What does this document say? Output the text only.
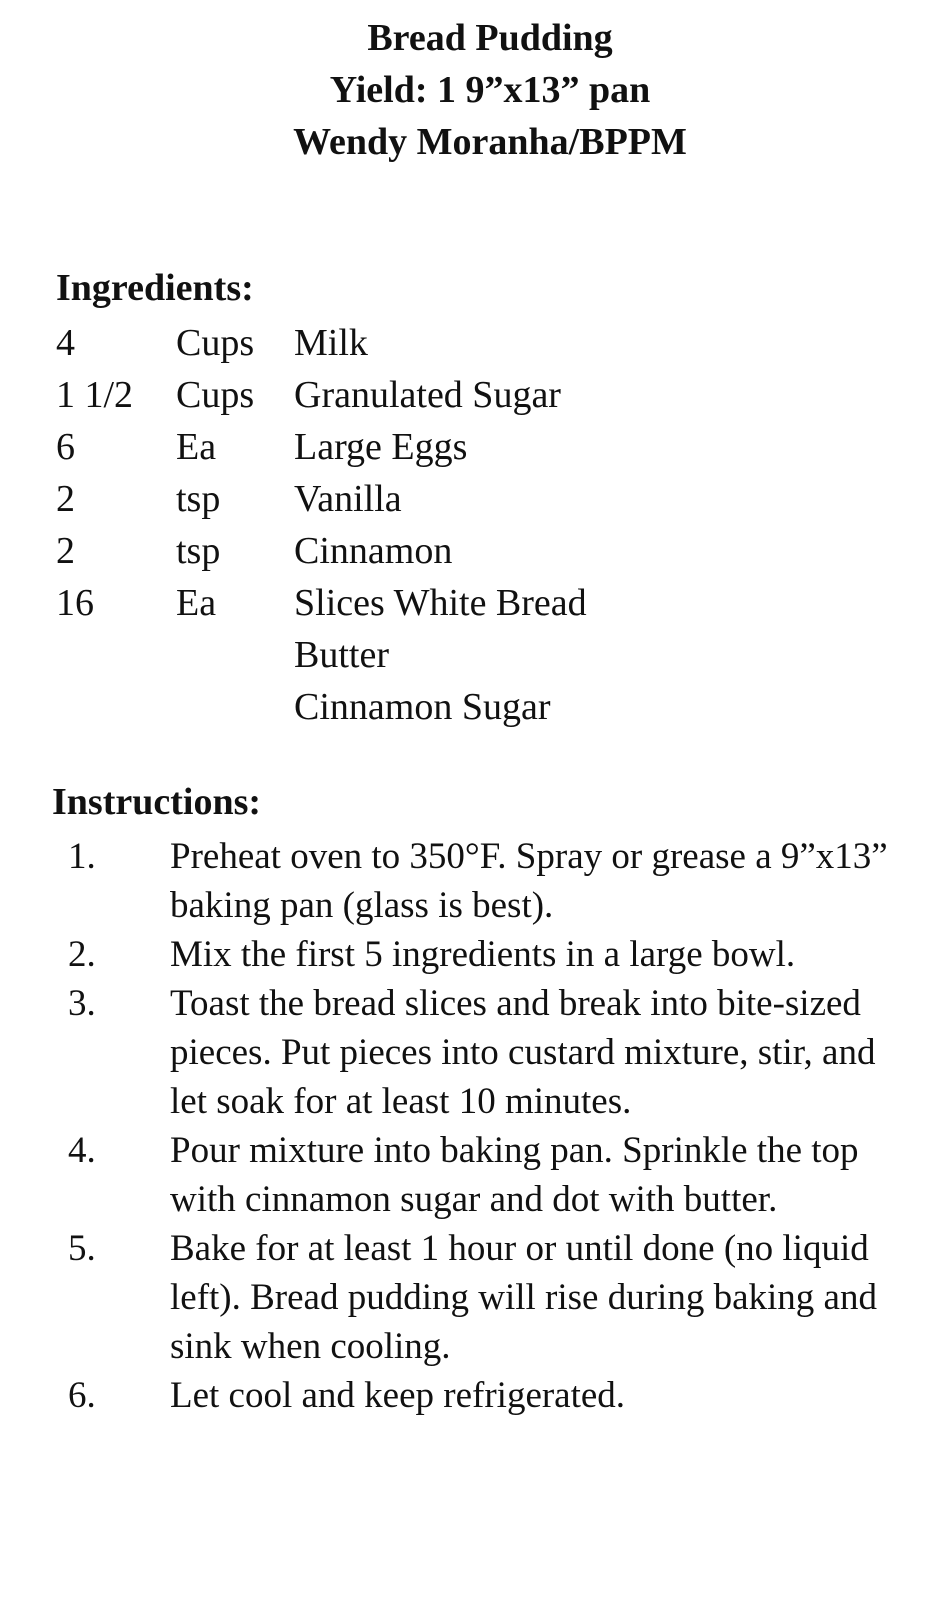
Bread Pudding
Yield: 1 9”x13” pan
Wendy Moranha/BPPM
Ingredients:
4	Cups Milk
1 1/2 Cups Granulated Sugar
6	Ea Large Eggs
2	tsp Vanilla
2	tsp Cinnamon
16 Ea Slices White Bread
Butter
Cinnamon Sugar
Instructions:
1. Preheat oven to 350°F. Spray or grease a 9”x13” baking pan (glass is best).
2. Mix the first 5 ingredients in a large bowl.
3. Toast the bread slices and break into bite-sized pieces. Put pieces into custard mixture, stir, and let soak for at least 10 minutes.
4. Pour mixture into baking pan. Sprinkle the top with cinnamon sugar and dot with butter.
5. Bake for at least 1 hour or until done (no liquid left). Bread pudding will rise during baking and sink when cooling.
6. Let cool and keep refrigerated.
